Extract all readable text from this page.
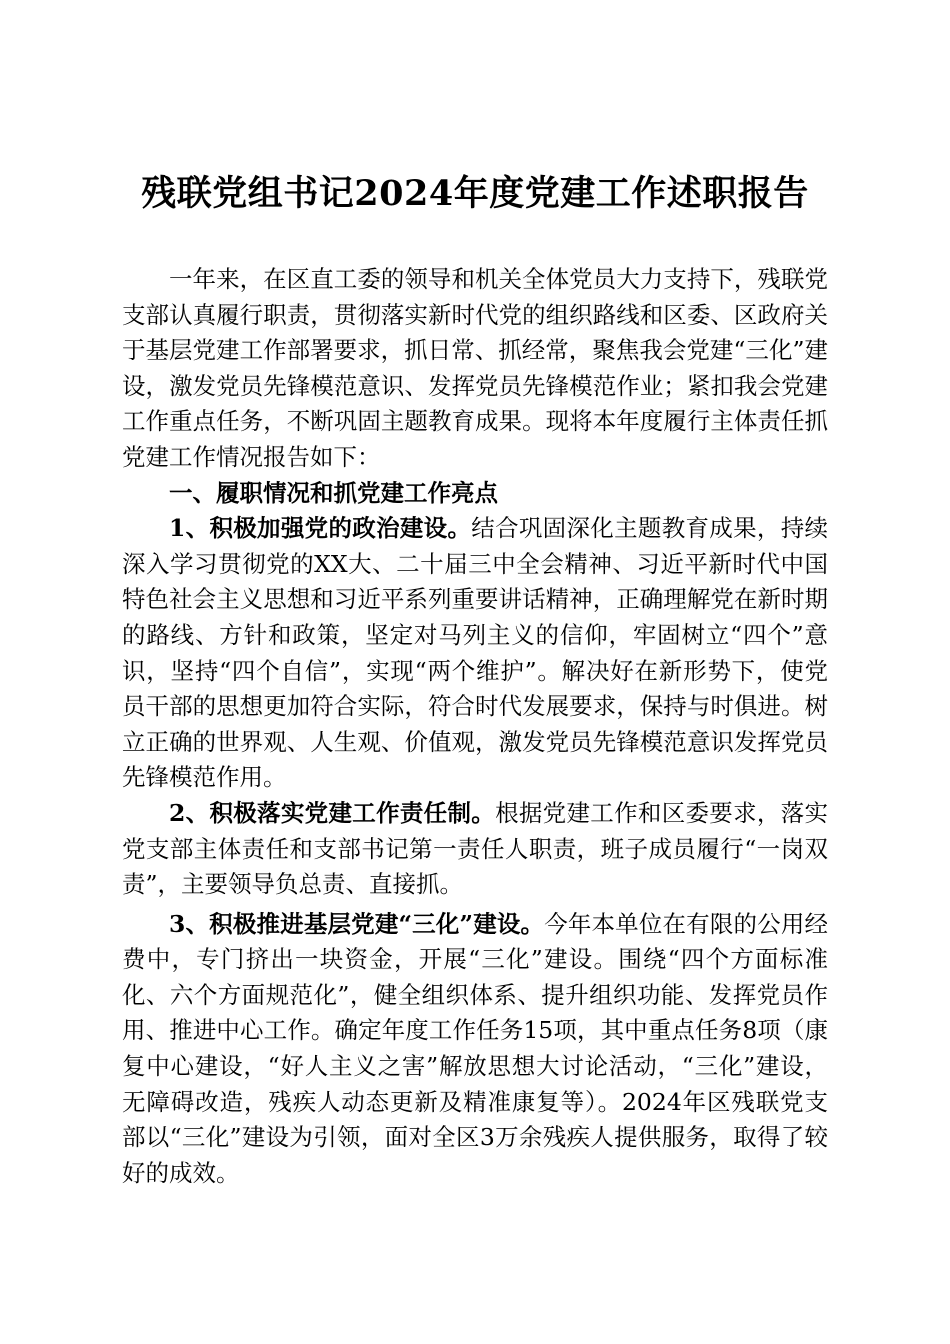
残联党组书记2024年度党建工作述职报告

一年来，在区直工委的领导和机关全体党员大力支持下，残联党支部认真履行职责，贯彻落实新时代党的组织路线和区委、区政府关于基层党建工作部署要求，抓日常、抓经常，聚焦我会党建“三化”建设，激发党员先锋模范意识、发挥党员先锋模范作业；紧扣我会党建工作重点任务，不断巩固主题教育成果。现将本年度履行主体责任抓党建工作情况报告如下：

一、履职情况和抓党建工作亮点

1、积极加强党的政治建设。结合巩固深化主题教育成果，持续深入学习贯彻党的XX大、二十届三中全会精神、习近平新时代中国特色社会主义思想和习近平系列重要讲话精神，正确理解党在新时期的路线、方针和政策，坚定对马列主义的信仰，牢固树立“四个”意识，坚持“四个自信”，实现“两个维护”。解决好在新形势下，使党员干部的思想更加符合实际，符合时代发展要求，保持与时俱进。树立正确的世界观、人生观、价值观，激发党员先锋模范意识发挥党员先锋模范作用。

2、积极落实党建工作责任制。根据党建工作和区委要求，落实党支部主体责任和支部书记第一责任人职责，班子成员履行“一岗双责”，主要领导负总责、直接抓。

3、积极推进基层党建“三化”建设。今年本单位在有限的公用经费中，专门挤出一块资金，开展“三化”建设。围绕“四个方面标准化、六个方面规范化”，健全组织体系、提升组织功能、发挥党员作用、推进中心工作。确定年度工作任务15项，其中重点任务8项（康复中心建设，“好人主义之害”解放思想大讨论活动，“三化”建设，无障碍改造，残疾人动态更新及精准康复等）。2024年区残联党支部以“三化”建设为引领，面对全区3万余残疾人提供服务，取得了较好的成效。
